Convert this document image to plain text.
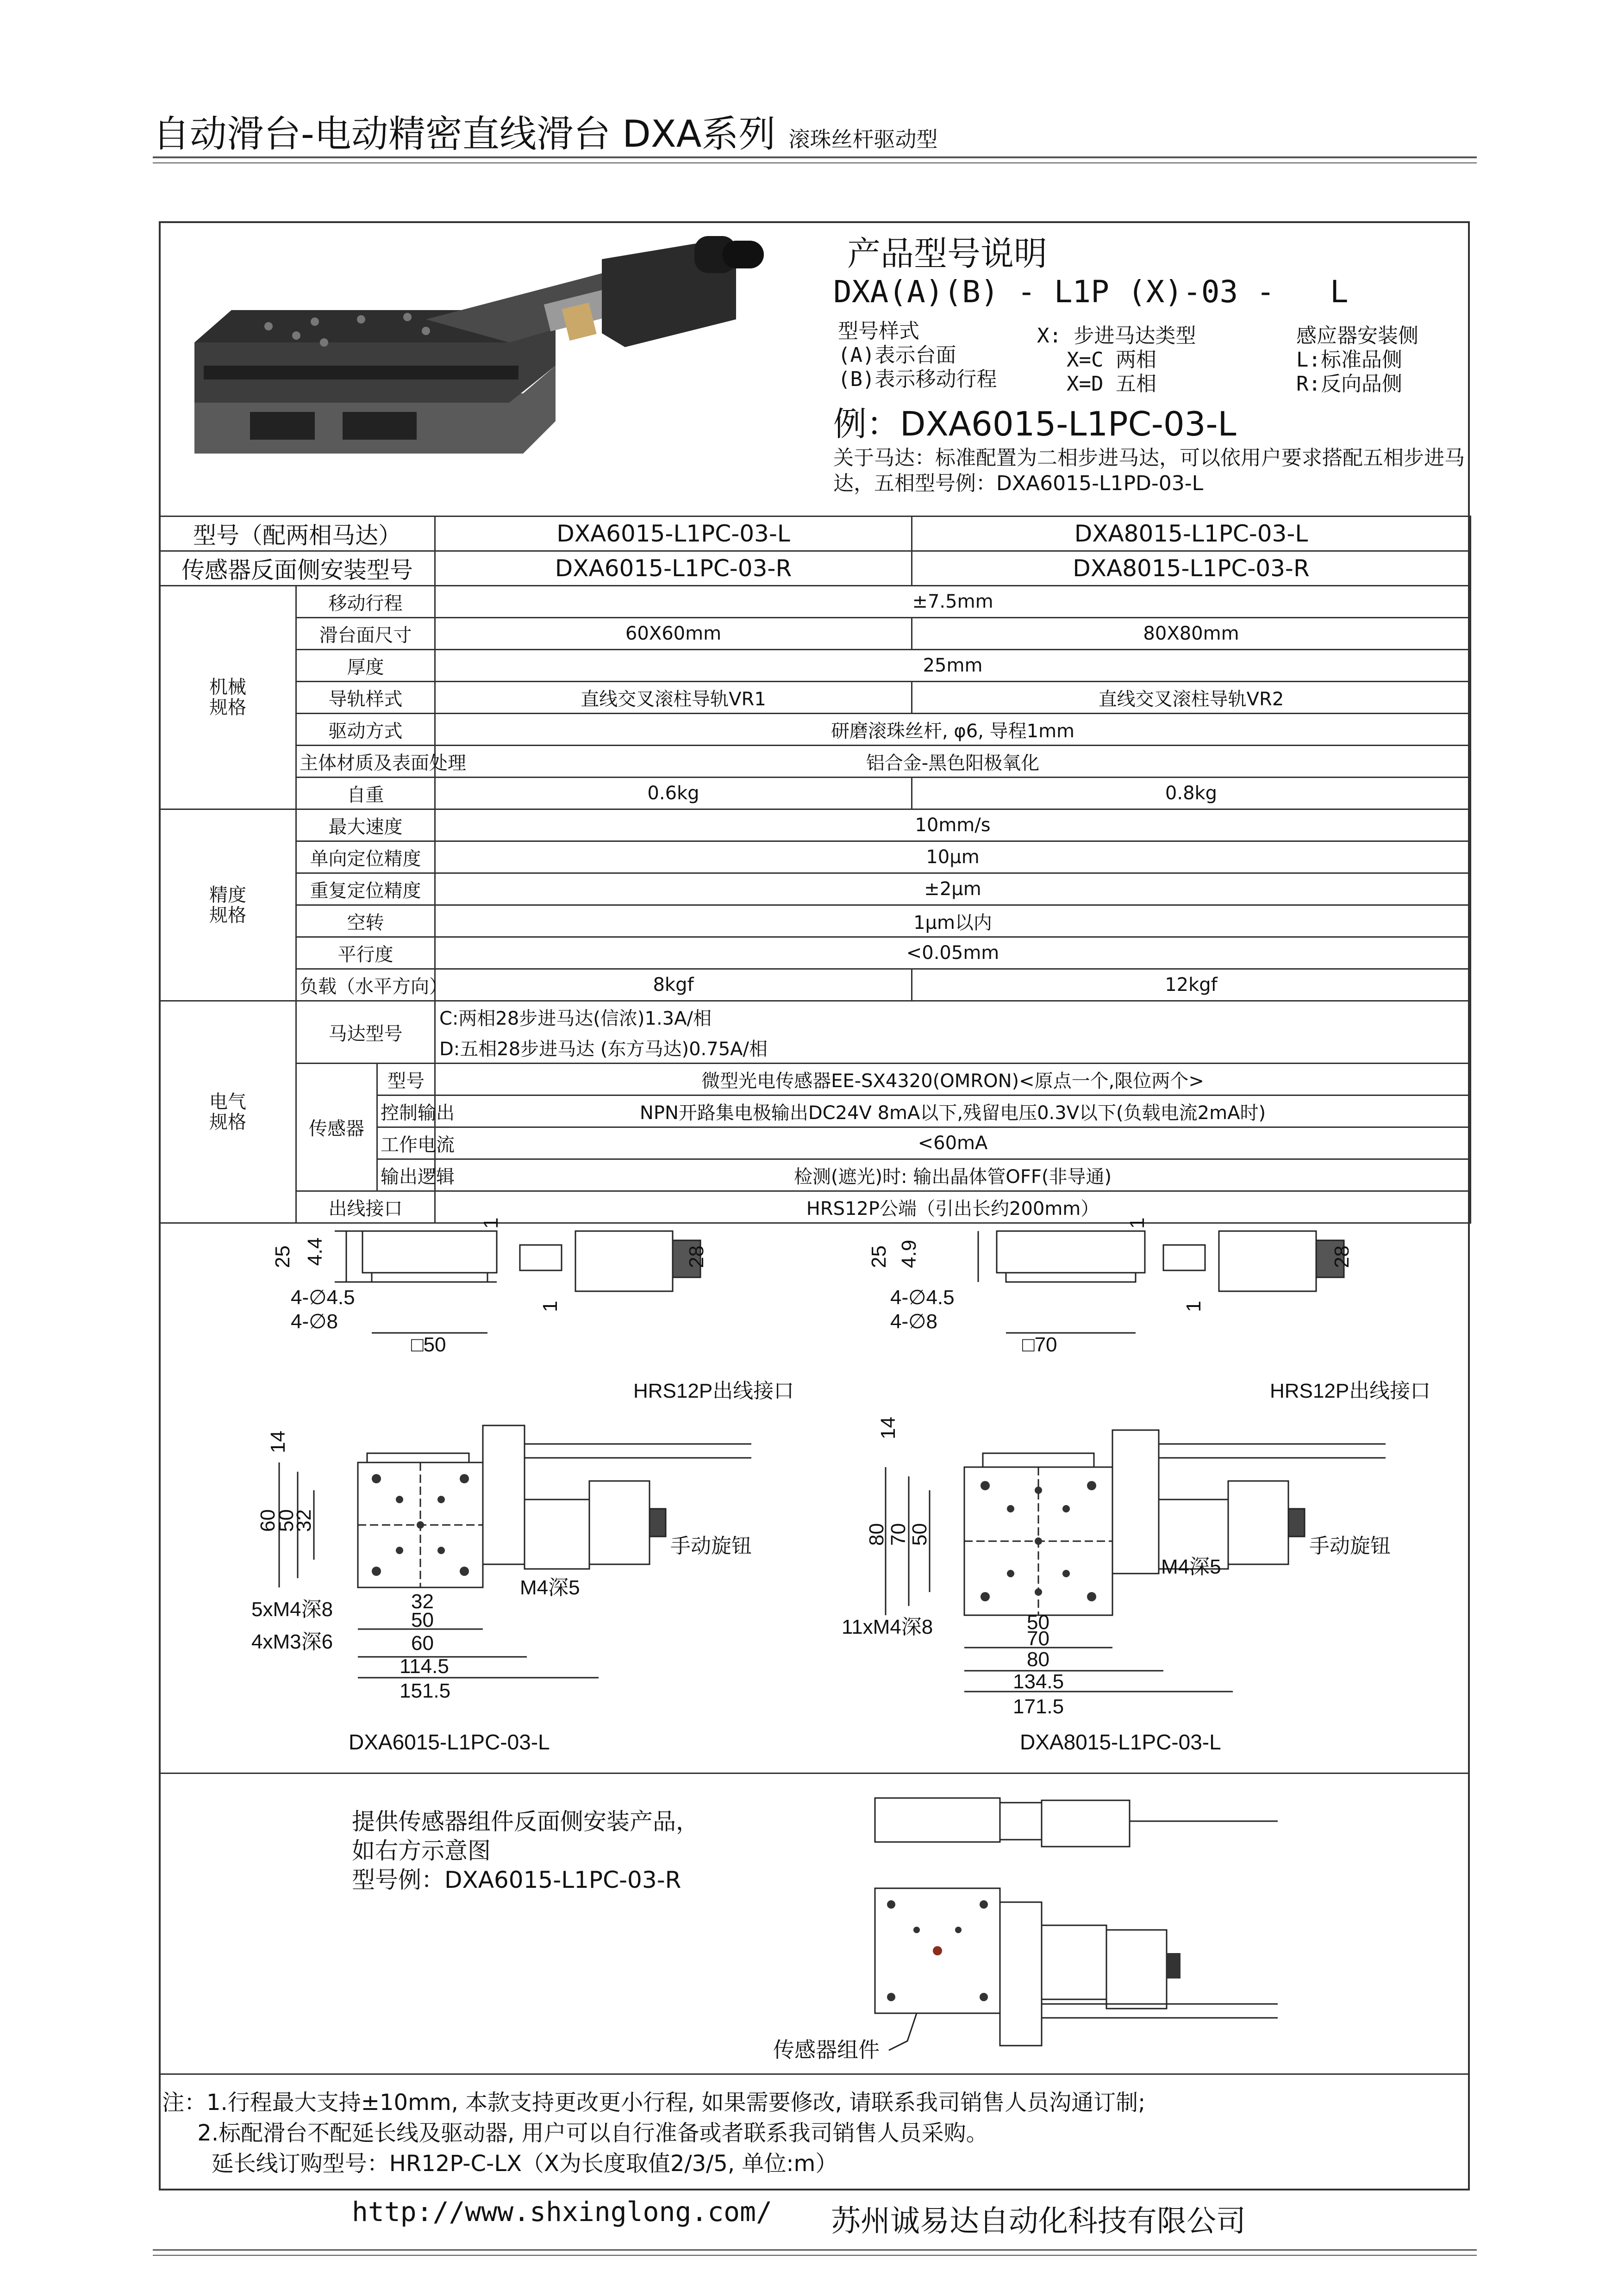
自动滑台-电动精密直线滑台 DXA系列 滚珠丝杆驱动型
产品型号说明
DXA(A)(B) - L1P (X)-03 -   L
型号样式
(A)表示台面
(B)表示移动行程
X: 步进马达类型
X=C 两相
X=D 五相
感应器安装侧
L:标准品侧
R:反向品侧
例：DXA6015-L1PC-03-L
关于马达：标准配置为二相步进马达，可以依用户要求搭配五相步进马达，五相型号例：DXA6015-L1PD-03-L
型号（配两相马达）			DXA6015-L1PC-03-L	DXA8015-L1PC-03-L
传感器反面侧安装型号			DXA6015-L1PC-03-R	DXA8015-L1PC-03-R
机械
规格	移动行程		±7.5mm	
	滑台面尺寸		60X60mm	80X80mm
	厚度		25mm	
	导轨样式		直线交叉滚柱导轨VR1	直线交叉滚柱导轨VR2
	驱动方式		研磨滚珠丝杆, φ6, 导程1mm	
	主体材质及表面处理		铝合金-黑色阳极氧化	
	自重		0.6kg	0.8kg
精度
规格	最大速度		10mm/s	
	单向定位精度		10μm	
	重复定位精度		±2μm	
	空转		1μm以内	
	平行度		<0.05mm	
	负载（水平方向）		8kgf	12kgf
电气
规格	马达型号		C:两相28步进马达(信浓)1.3A/相	
			D:五相28步进马达 (东方马达)0.75A/相	
	传感器	型号	微型光电传感器EE-SX4320(OMRON)<原点一个,限位两个>	
		控制输出	NPN开路集电极输出DC24V 8mA以下,残留电压0.3V以下(负载电流2mA时)	
		工作电流	<60mA	
		输出逻辑	检测(遮光)时: 输出晶体管OFF(非导通)	
	出线接口		HRS12P公端（引出长约200mm）	
25 4.4
1
1
28
4-∅4.5
4-∅8
□50
14
60
50
32
32
50
60
114.5
151.5
HRS12P出线接口
手动旋钮
M4深5
5xM4深8
4xM3深6
DXA6015-L1PC-03-L
25 4.9
1
28
1
4-∅4.5
4-∅8
□70
14
80
70
50
50
70
80
134.5
171.5
HRS12P出线接口
手动旋钮
M4深5
11xM4深8
DXA8015-L1PC-03-L
提供传感器组件反面侧安装产品，
如右方示意图
型号例：DXA6015-L1PC-03-R
传感器组件
注：1.行程最大支持±10mm, 本款支持更改更小行程, 如果需要修改, 请联系我司销售人员沟通订制;
2.标配滑台不配延长线及驱动器, 用户可以自行准备或者联系我司销售人员采购。
延长线订购型号：HR12P-C-LX（X为长度取值2/3/5, 单位:m）
http://www.shxinglong.com/ 苏州诚易达自动化科技有限公司
